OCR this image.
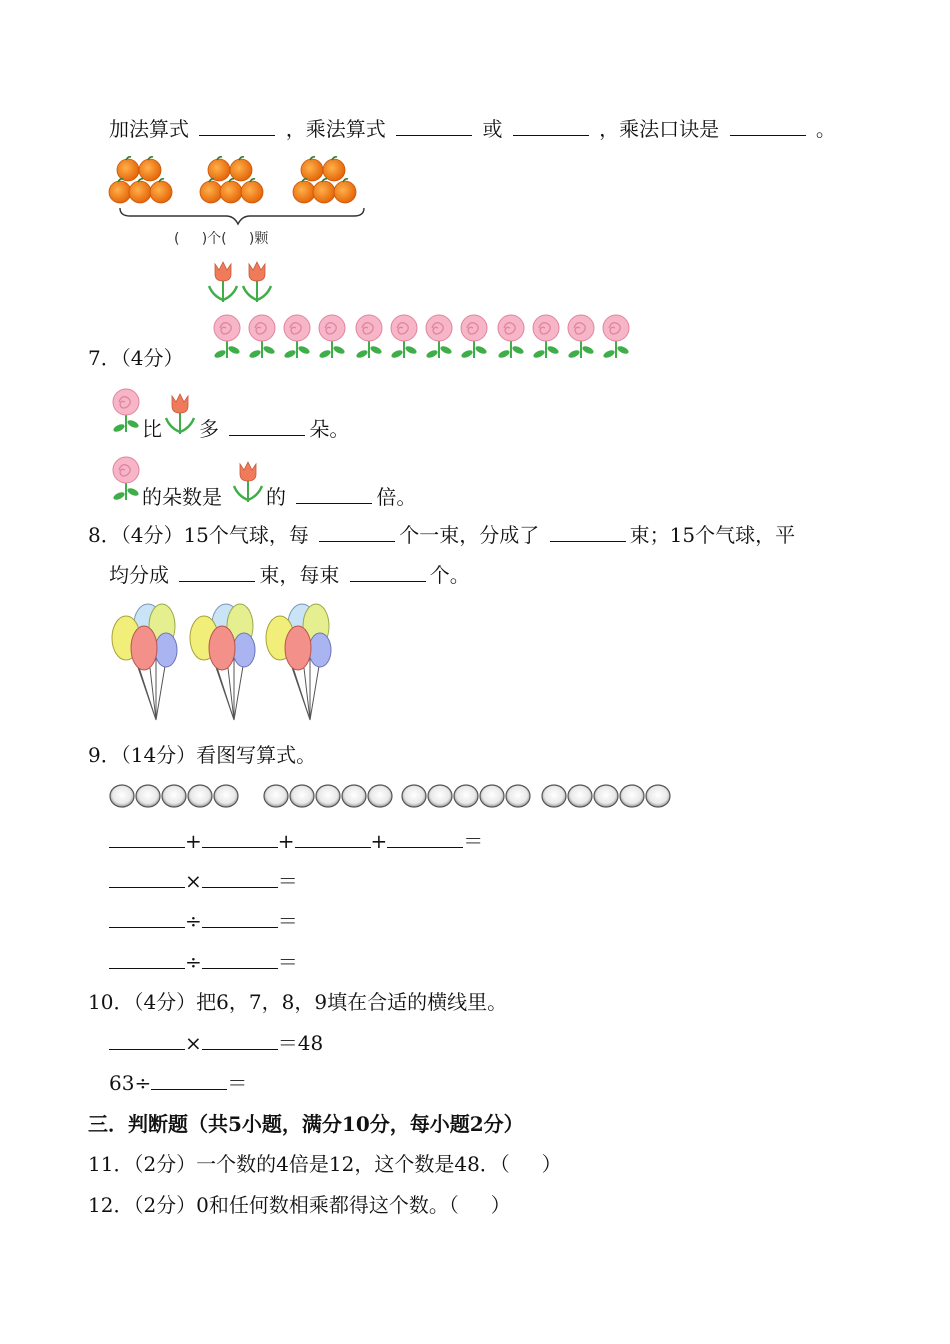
加法算式	，乘法算式	或	，乘法口诀是	。
(     )个(     )颗
7．（4分）
比 多	朵。
的朵数是 的	倍。
8．（4分）15个气球，每	个一束，分成了	束；15个气球，平
均分成	束，每束	个。
9．（14分）看图写算式。
+	+	+	＝
×	＝
÷	＝
÷	＝
10．（4分）把6，7，8，9填在合适的横线里。
×	＝48
63÷	＝
三．判断题（共5小题，满分10分，每小题2分）
11．（2分）一个数的4倍是12，这个数是48．（     ）
12．（2分）0和任何数相乘都得这个数。（     ）
